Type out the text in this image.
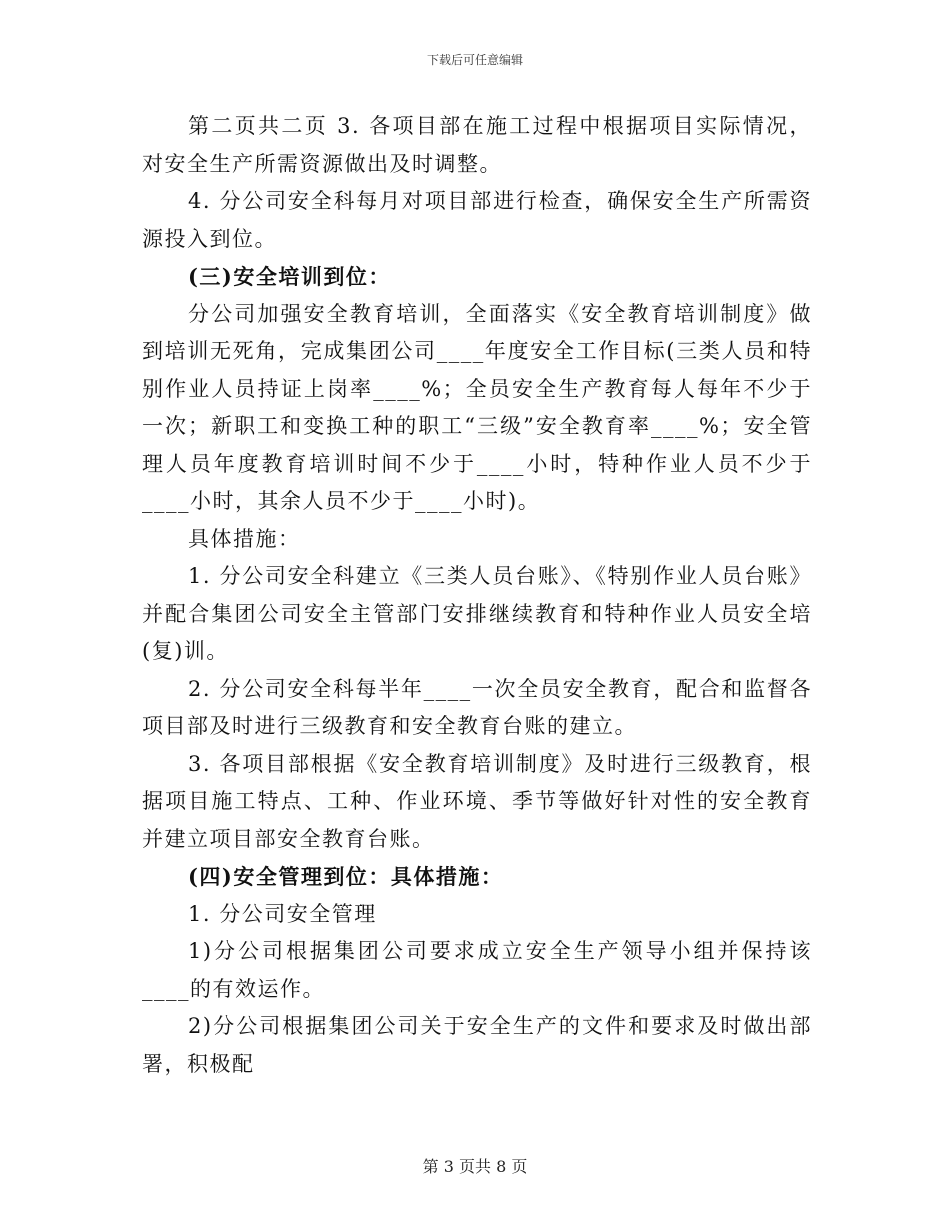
下载后可任意编辑

第二页共二页 3. 各项目部在施工过程中根据项目实际情况，对安全生产所需资源做出及时调整。

4. 分公司安全科每月对项目部进行检查，确保安全生产所需资源投入到位。

(三)安全培训到位：

分公司加强安全教育培训，全面落实《安全教育培训制度》做到培训无死角，完成集团公司____年度安全工作目标(三类人员和特别作业人员持证上岗率____%；全员安全生产教育每人每年不少于一次；新职工和变换工种的职工“三级”安全教育率____%；安全管理人员年度教育培训时间不少于____小时，特种作业人员不少于____小时，其余人员不少于____小时)。

具体措施：

1. 分公司安全科建立《三类人员台账》、《特别作业人员台账》并配合集团公司安全主管部门安排继续教育和特种作业人员安全培(复)训。

2. 分公司安全科每半年____一次全员安全教育，配合和监督各项目部及时进行三级教育和安全教育台账的建立。

3. 各项目部根据《安全教育培训制度》及时进行三级教育，根据项目施工特点、工种、作业环境、季节等做好针对性的安全教育并建立项目部安全教育台账。

(四)安全管理到位：具体措施：

1. 分公司安全管理

1)分公司根据集团公司要求成立安全生产领导小组并保持该____的有效运作。

2)分公司根据集团公司关于安全生产的文件和要求及时做出部署，积极配

第 3 页共 8 页
